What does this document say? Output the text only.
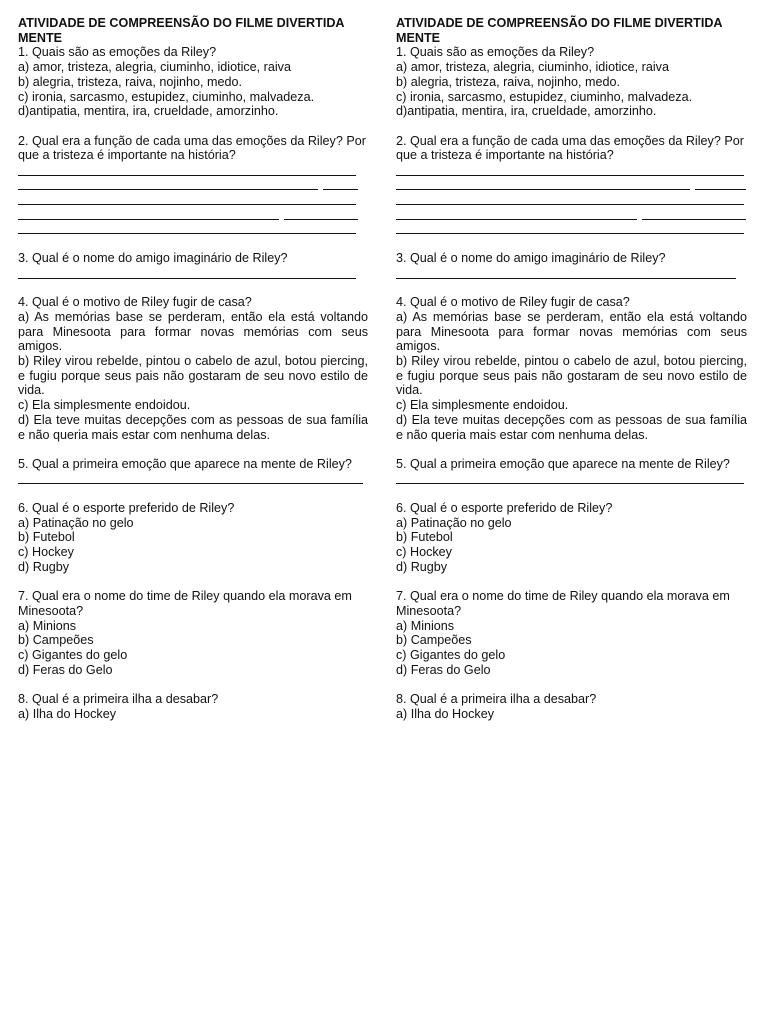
ATIVIDADE DE COMPREENSÃO DO FILME DIVERTIDA MENTE

1. Quais são as emoções da Riley?

a) amor, tristeza, alegria, ciuminho, idiotice, raiva

b) alegria, tristeza, raiva, nojinho, medo.

c) ironia, sarcasmo, estupidez, ciuminho, malvadeza.

d)antipatia, mentira, ira, crueldade, amorzinho.

2. Qual era a função de cada uma das emoções da Riley? Por que a tristeza é importante na história?

3. Qual é o nome do amigo imaginário de Riley?

4. Qual é o motivo de Riley fugir de casa?

a) As memórias base se perderam, então ela está voltando para Minesoota para formar novas memórias com seus amigos.

b) Riley virou rebelde, pintou o cabelo de azul, botou piercing, e fugiu porque seus pais não gostaram de seu novo estilo de vida.

c) Ela simplesmente endoidou.

d) Ela teve muitas decepções com as pessoas de sua família e não queria mais estar com nenhuma delas.

5. Qual a primeira emoção que aparece na mente de Riley?

6. Qual é o esporte preferido de Riley?

a) Patinação no gelo

b) Futebol

c) Hockey

d) Rugby

7. Qual era o nome do time de Riley quando ela morava em Minesoota?

a) Minions

b) Campeões

c) Gigantes do gelo

d) Feras do Gelo

8. Qual é a primeira ilha a desabar?

a) Ilha do Hockey

ATIVIDADE DE COMPREENSÃO DO FILME DIVERTIDA MENTE

1. Quais são as emoções da Riley?

a) amor, tristeza, alegria, ciuminho, idiotice, raiva

b) alegria, tristeza, raiva, nojinho, medo.

c) ironia, sarcasmo, estupidez, ciuminho, malvadeza.

d)antipatia, mentira, ira, crueldade, amorzinho.

2. Qual era a função de cada uma das emoções da Riley? Por que a tristeza é importante na história?

3. Qual é o nome do amigo imaginário de Riley?

4. Qual é o motivo de Riley fugir de casa?

a) As memórias base se perderam, então ela está voltando para Minesoota para formar novas memórias com seus amigos.

b) Riley virou rebelde, pintou o cabelo de azul, botou piercing, e fugiu porque seus pais não gostaram de seu novo estilo de vida.

c) Ela simplesmente endoidou.

d) Ela teve muitas decepções com as pessoas de sua família e não queria mais estar com nenhuma delas.

5. Qual a primeira emoção que aparece na mente de Riley?

6. Qual é o esporte preferido de Riley?

a) Patinação no gelo

b) Futebol

c) Hockey

d) Rugby

7. Qual era o nome do time de Riley quando ela morava em Minesoota?

a) Minions

b) Campeões

c) Gigantes do gelo

d) Feras do Gelo

8. Qual é a primeira ilha a desabar?

a) Ilha do Hockey
